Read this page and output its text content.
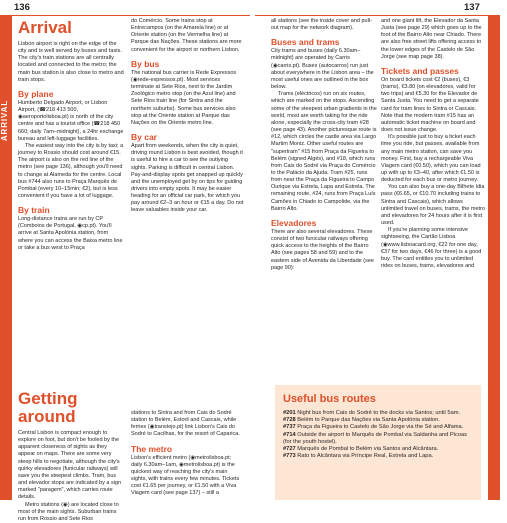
136	137
ARRIVAL	GETTING AROUND
Arrival

Lisbon airport is right on the edge of the city and is well served by buses and taxis. The city's train stations are all centrally located and connected to the metro; the main bus station is also close to metro and train stops.

By plane

Humberto Delgado Airport, or Lisbon Airport, (☎218 413 500, ◉aeroportolisboa.pt) is north of the city centre and has a tourist office (☎218 450 660; daily 7am–midnight), a 24hr exchange bureau and left-luggage facilities.

The easiest way into the city is by taxi; a journey to Rossio should cost around €15. The airport is also on the red line of the metro (see page 136), although you'll need to change at Alameda for the centre. Local bus #744 also runs to Praça Marquês de Pombal (every 10–15min; €2), but is less convenient if you have a lot of luggage.

By train

Long-distance trains are run by CP (Comboios de Portugal, ◉cp.pt). You'll arrive at Santa Apolónia station, from where you can access the Baixa metro line or take a bus west to Praça

Getting around

Central Lisbon is compact enough to explore on foot, but don't be fooled by the apparent closeness of sights as they appear on maps. There are some very steep hills to negotiate, although the city's quirky elevadores (funicular railways) will save you the steepest climbs. Tram, bus and elevador stops are indicated by a sign marked "paragem", which carries route details.

Metro stations (◉) are located close to most of the main sights. Suburban trains run from Rossio and Sete Rios

do Comércio. Some trains stop at Entrecampos (on the Amarela line) or at Oriente station (on the Vermelha line) at Parque das Nações. These stations are more convenient for the airport or northern Lisbon.

By bus

The national bus carrier is Rede Expressos (◉rede-expressos.pt). Most services terminate at Sete Rios, next to the Jardim Zoológico metro stop (on the Azul line) and Sete Rios train line (for Sintra and the northern suburbs). Some bus services also stop at the Oriente station at Parque das Nações on the Oriente metro line.

By car

Apart from weekends, when the city is quiet, driving round Lisbon is best avoided, though it is useful to hire a car to see the outlying sights. Parking is difficult in central Lisbon. Pay-and-display spots get snapped up quickly and the unemployed get by on tips for guiding drivers into empty spots. It may be easier heading for an official car park, for which you pay around €2–3 an hour or €15 a day. Do not leave valuables inside your car.

stations to Sintra and from Cais do Sodré station to Belém, Estoril and Cascais, while ferries (◉transtejo.pt) link Lisbon's Cais do Sodré to Cacilhas, for the resort of Caparica.

The metro

Lisbon's efficient metro (◉metrolisboa.pt; daily 6.30am–1am, ◉metrolisboa.pt) is the quickest way of reaching the city's main sights, with trains every few minutes. Tickets cost €1.65 per journey, or €1.50 with a Viva Viagem card (see page 137) – still a

all stations (see the inside cover and pull-out map for the network diagram).

Buses and trams

City trams and buses (daily 6.30am–midnight) are operated by Carris (◉carris.pt). Buses (autocarros) run just about everywhere in the Lisbon area – the most useful ones are outlined in the box below.

Trams (eléctricos) run on six routes, which are marked on the stops. Ascending some of the steepest urban gradients in the world, most are worth taking for the ride alone, especially the cross-city tram #28 (see page 43). Another picturesque route is #12, which circles the castle area via Largo Martim Moniz. Other useful routes are "supertram" #15 from Praça da Figueira to Belém (signed Algés), and #18, which runs from Cais do Sodré via Praça do Comércio to the Palácio da Ajuda. Tram #25, runs from near the Praça da Figueira to Campo Ourique via Estrela, Lapa and Estrela. The remaining route, #24, runs from Praça Luís Camões in Chiado to Campolide, via the Bairro Alto.

Elevadores

There are also several elevadores. These consist of two funicular railways offering quick access to the heights of the Bairro Alto (see pages 58 and 59) and to the eastern side of Avenida da Liberdade (see page 90):

and one giant lift, the Elevador da Santa Justa (see page 29) which goes up to the foot of the Bairro Alto near Chiado. There are also free street lifts offering access to the lower edges of the Castelo de São Jorge (see map page 38).

Tickets and passes

On board tickets cost €2 (buses), €3 (trams), €3.80 (on elevadores, valid for two trips) and €5.30 for the Elevador de Santa Justa. You need to get a separate card for tram lines to Sintra or Cascais. Note that the modern tram #15 has an automatic ticket machine on board and does not issue change.

It's possible just to buy a ticket each time you ride, but passes, available from any main metro station, can save you money. First, buy a rechargeable Viva Viagem card (€0.50), which you can load up with up to €3–40, after which €1.50 is deducted for each bus or metro journey.

You can also buy a one-day Bilhete Idia pass (€6.65, or €10.70 including trains to Sintra and Cascais), which allows unlimited travel on buses, trams, the metro and elevadores for 24 hours after it is first used.

If you're planning some intensive sightseeing, the Cartão Lisboa (◉www.lisboacard.org; €22 for one day, €37 for two days, €46 for three) is a good buy. The card entitles you to unlimited rides on buses, trams, elevadores and

Useful bus routes
#201 Night bus from Cais do Sodré to the docks via Santos; until 5am.
#728 Belém to Parque das Nações via Santa Apolónia station.
#737 Praça da Figueira to Castelo de São Jorge via the Sé and Alfama.
#714 Outside the airport to Marquês de Pombal via Saldanha and Picoas (for the youth hostel).
#727 Marquês de Pombal to Belém via Santos and Alcântara.
#773 Rato to Alcântara via Príncipe Real, Estrela and Lapa.
